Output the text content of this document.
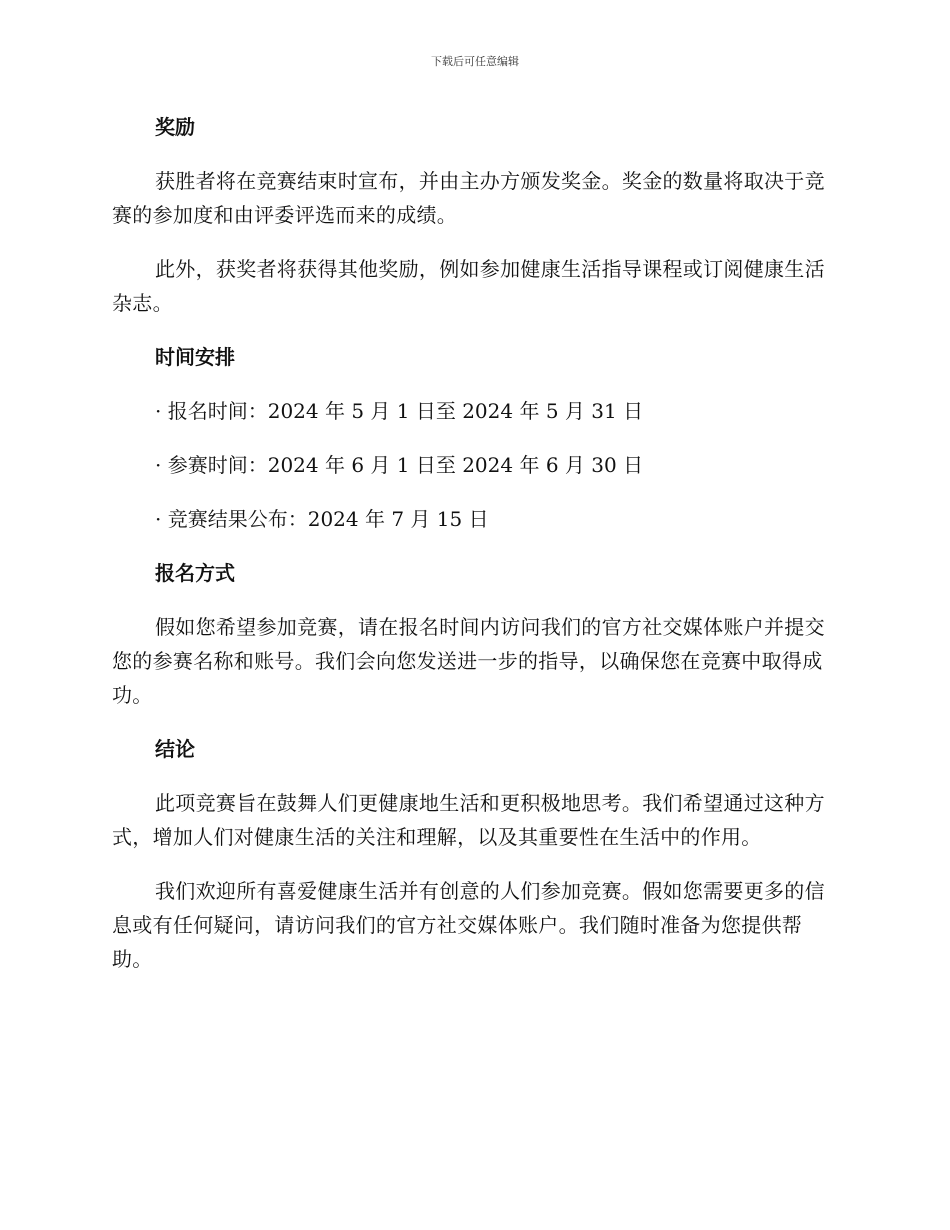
下载后可任意编辑
奖励

获胜者将在竞赛结束时宣布，并由主办方颁发奖金。奖金的数量将取决于竞赛的参加度和由评委评选而来的成绩。

此外，获奖者将获得其他奖励，例如参加健康生活指导课程或订阅健康生活杂志。

时间安排

· 报名时间：2024 年 5 月 1 日至 2024 年 5 月 31 日

· 参赛时间：2024 年 6 月 1 日至 2024 年 6 月 30 日

· 竞赛结果公布：2024 年 7 月 15 日

报名方式

假如您希望参加竞赛，请在报名时间内访问我们的官方社交媒体账户并提交您的参赛名称和账号。我们会向您发送进一步的指导，以确保您在竞赛中取得成功。

结论

此项竞赛旨在鼓舞人们更健康地生活和更积极地思考。我们希望通过这种方式，增加人们对健康生活的关注和理解，以及其重要性在生活中的作用。

我们欢迎所有喜爱健康生活并有创意的人们参加竞赛。假如您需要更多的信息或有任何疑问，请访问我们的官方社交媒体账户。我们随时准备为您提供帮助。
